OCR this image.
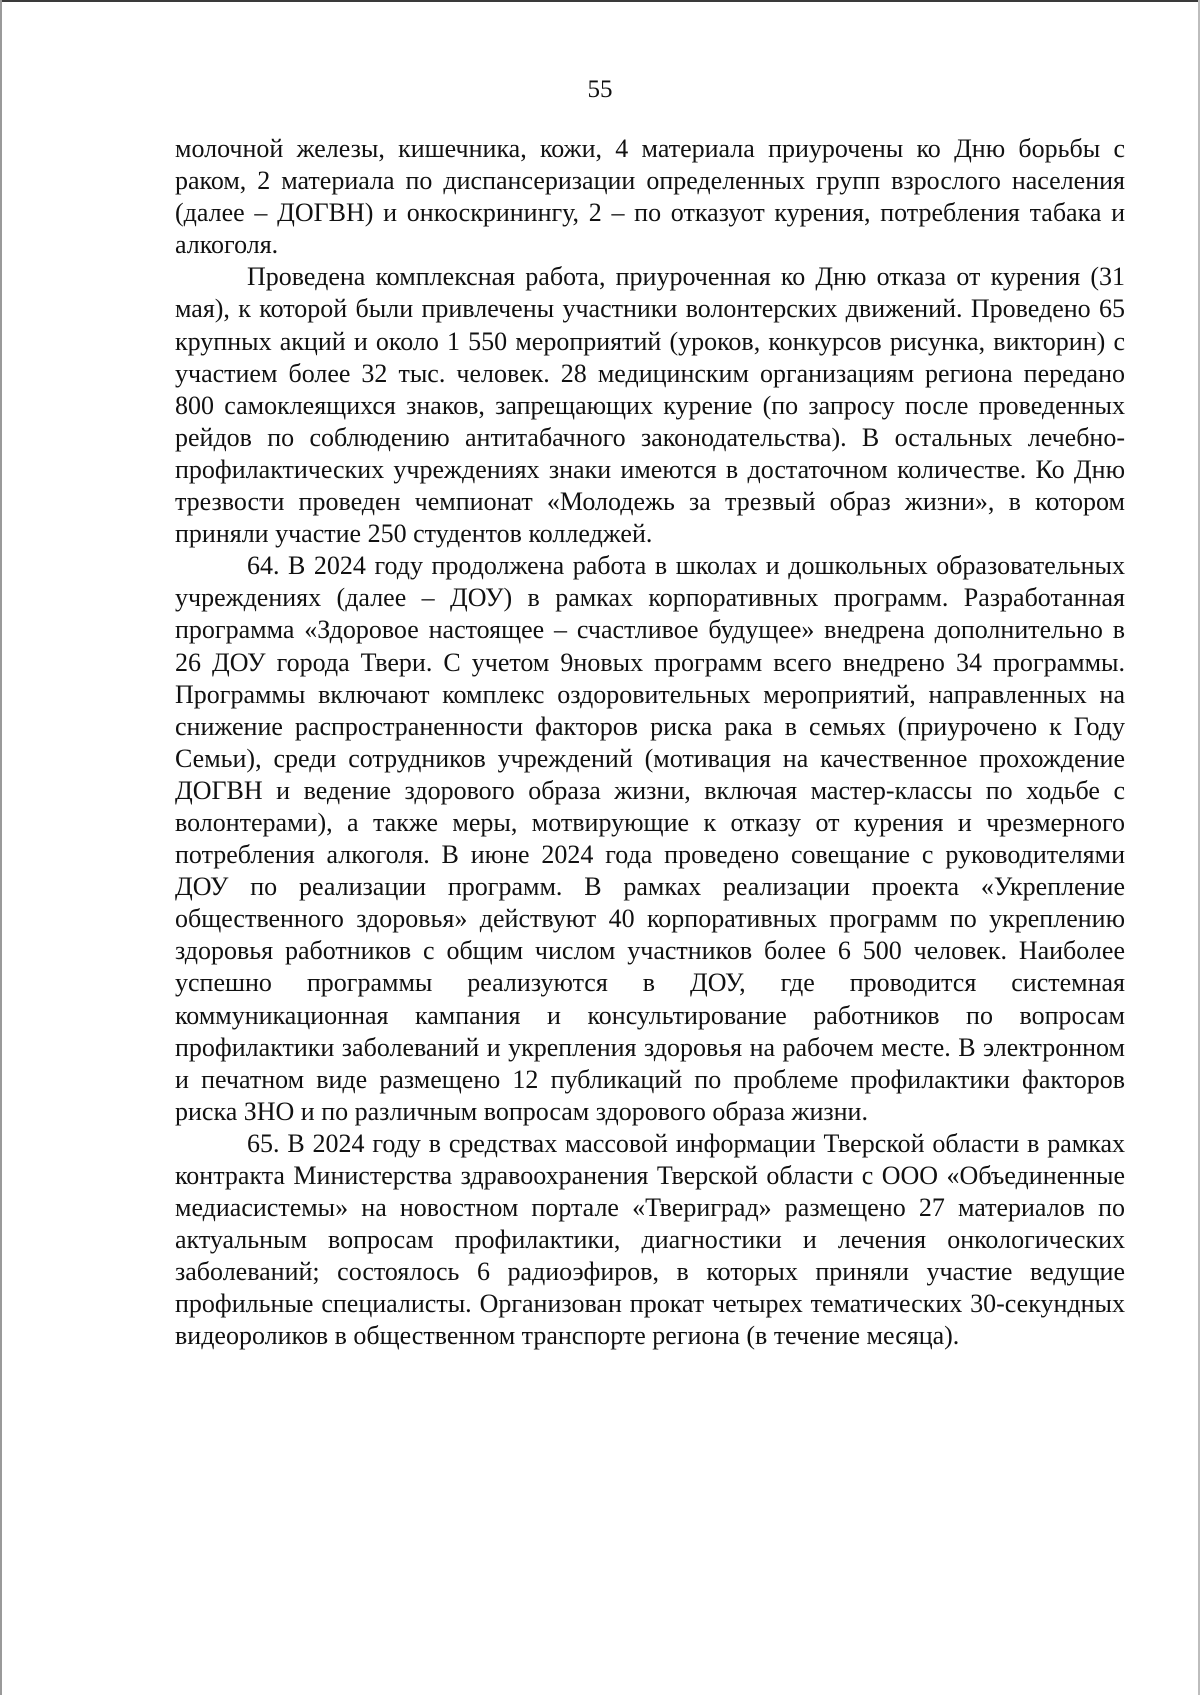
55

молочной железы, кишечника, кожи, 4 материала приурочены ко Дню борьбы с раком, 2 материала по диспансеризации определенных групп взрослого населения (далее – ДОГВН) и онкоскринингу, 2 – по отказуот курения, потребления табака и алкоголя.

Проведена комплексная работа, приуроченная ко Дню отказа от курения (31 мая), к которой были привлечены участники волонтерских движений. Проведено 65 крупных акций и около 1 550 мероприятий (уроков, конкурсов рисунка, викторин) с участием более 32 тыс. человек. 28 медицинским организациям региона передано 800 самоклеящихся знаков, запрещающих курение (по запросу после проведенных рейдов по соблюдению антитабачного законодательства). В остальных лечебно-профилактических учреждениях знаки имеются в достаточном количестве. Ко Дню трезвости проведен чемпионат «Молодежь за трезвый образ жизни», в котором приняли участие 250 студентов колледжей.

64. В 2024 году продолжена работа в школах и дошкольных образовательных учреждениях (далее – ДОУ) в рамках корпоративных программ. Разработанная программа «Здоровое настоящее – счастливое будущее» внедрена дополнительно в 26 ДОУ города Твери. С учетом 9новых программ всего внедрено 34 программы. Программы включают комплекс оздоровительных мероприятий, направленных на снижение распространенности факторов риска рака в семьях (приурочено к Году Семьи), среди сотрудников учреждений (мотивация на качественное прохождение ДОГВН и ведение здорового образа жизни, включая мастер-классы по ходьбе с волонтерами), а также меры, мотвирующие к отказу от курения и чрезмерного потребления алкоголя. В июне 2024 года проведено совещание с руководителями ДОУ по реализации программ. В рамках реализации проекта «Укрепление общественного здоровья» действуют 40 корпоративных программ по укреплению здоровья работников с общим числом участников более 6 500 человек. Наиболее успешно программы реализуются в ДОУ, где проводится системная коммуникационная кампания и консультирование работников по вопросам профилактики заболеваний и укрепления здоровья на рабочем месте. В электронном и печатном виде размещено 12 публикаций по проблеме профилактики факторов риска ЗНО и по различным вопросам здорового образа жизни.

65. В 2024 году в средствах массовой информации Тверской области в рамках контракта Министерства здравоохранения Тверской области с ООО «Объединенные медиасистемы» на новостном портале «Твериград» размещено 27 материалов по актуальным вопросам профилактики, диагностики и лечения онкологических заболеваний; состоялось 6 радиоэфиров, в которых приняли участие ведущие профильные специалисты. Организован прокат четырех тематических 30-секундных видеороликов в общественном транспорте региона (в течение месяца).
